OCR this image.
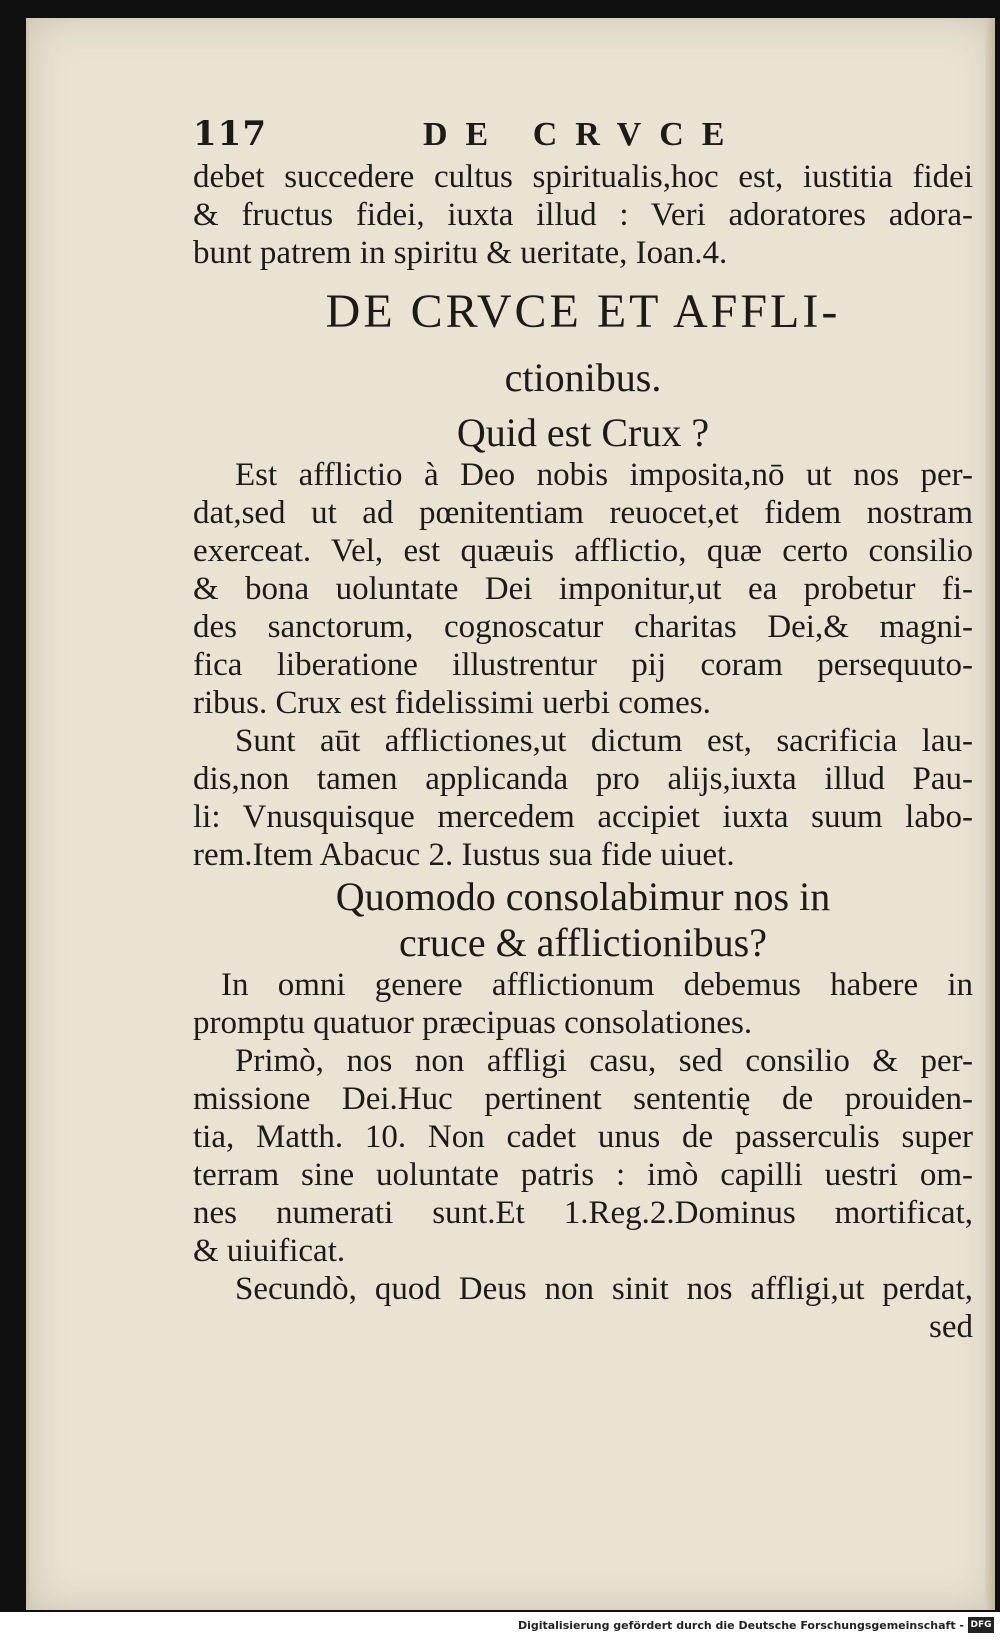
117	DE CRVCE
debet succedere cultus spiritualis,hoc est, iustitia fidei
& fructus fidei, iuxta illud : Veri adoratores adora-
bunt patrem in spiritu & ueritate, Ioan.4.
DE CRVCE ET AFFLI-
ctionibus.
Quid est Crux ?
Est afflictio à Deo nobis imposita,nō ut nos per-
dat,sed ut ad pœnitentiam reuocet,et fidem nostram
exerceat. Vel, est quæuis afflictio, quæ certo consilio
& bona uoluntate Dei imponitur,ut ea probetur fi-
des sanctorum, cognoscatur charitas Dei,& magni-
fica liberatione illustrentur pij coram persequuto-
ribus. Crux est fidelissimi uerbi comes.
Sunt aūt afflictiones,ut dictum est, sacrificia lau-
dis,non tamen applicanda pro alijs,iuxta illud Pau-
li: Vnusquisque mercedem accipiet iuxta suum labo-
rem.Item Abacuc 2. Iustus sua fide uiuet.
Quomodo consolabimur nos in
cruce & afflictionibus?
In omni genere afflictionum debemus habere in
promptu quatuor præcipuas consolationes.
Primò, nos non affligi casu, sed consilio & per-
missione Dei.Huc pertinent sententię de prouiden-
tia, Matth. 10. Non cadet unus de passerculis super
terram sine uoluntate patris : imò capilli uestri om-
nes numerati sunt.Et 1.Reg.2.Dominus mortificat,
& uiuificat.
Secundò, quod Deus non sinit nos affligi,ut perdat,
sed
Digitalisierung gefördert durch die Deutsche Forschungsgemeinschaft - DFG
